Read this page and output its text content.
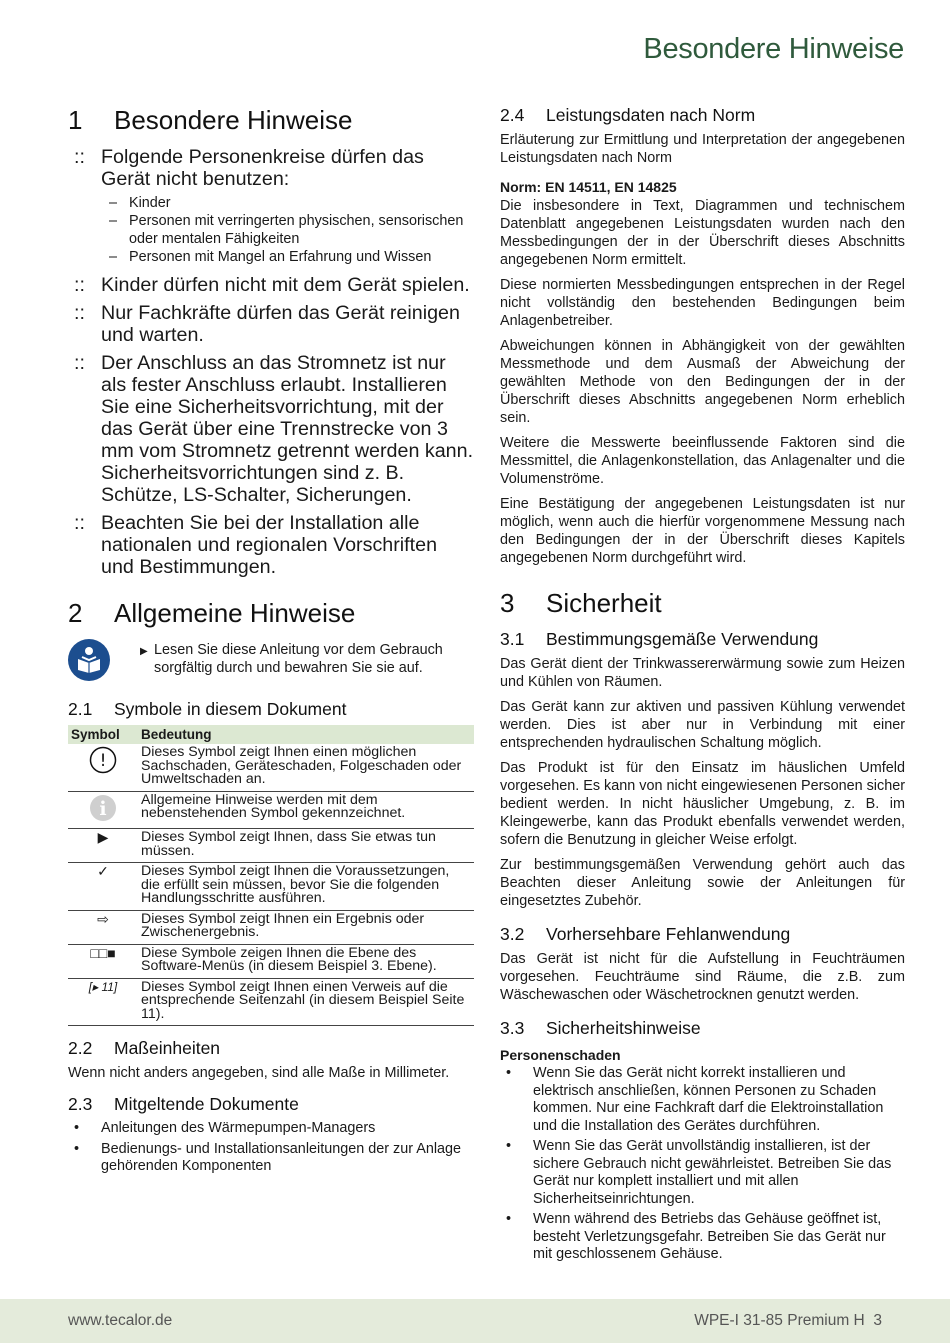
Besondere Hinweise
1	Besondere Hinweise
:: Folgende Personenkreise dürfen das Gerät nicht benutzen:
– Kinder
– Personen mit verringerten physischen, sensorischen oder mentalen Fähigkeiten
– Personen mit Mangel an Erfahrung und Wissen
:: Kinder dürfen nicht mit dem Gerät spielen.
:: Nur Fachkräfte dürfen das Gerät reinigen und warten.
:: Der Anschluss an das Stromnetz ist nur als fester Anschluss erlaubt. Installieren Sie eine Sicherheitsvorrichtung, mit der das Gerät über eine Trennstrecke von 3 mm vom Stromnetz getrennt werden kann. Sicherheitsvorrichtungen sind z. B. Schütze, LS-Schalter, Sicherungen.
:: Beachten Sie bei der Installation alle nationalen und regionalen Vorschriften und Bestimmungen.
2	Allgemeine Hinweise
▶ Lesen Sie diese Anleitung vor dem Gebrauch sorgfältig durch und bewahren Sie sie auf.
2.1	Symbole in diesem Dokument
Symbol	Bedeutung

!	Dieses Symbol zeigt Ihnen einen möglichen Sachschaden, Geräteschaden, Folgeschaden oder Umweltschaden an.

i	Allgemeine Hinweise werden mit dem nebenstehenden Symbol gekennzeichnet.
▶	Dieses Symbol zeigt Ihnen, dass Sie etwas tun müssen.
✓	Dieses Symbol zeigt Ihnen die Voraussetzungen, die erfüllt sein müssen, bevor Sie die folgenden Handlungsschritte ausführen.
⇨	Dieses Symbol zeigt Ihnen ein Ergebnis oder Zwischenergebnis.
□□■	Diese Symbole zeigen Ihnen die Ebene des Software-Menüs (in diesem Beispiel 3. Ebene).
[▸ 11]	Dieses Symbol zeigt Ihnen einen Verweis auf die entsprechende Seitenzahl (in diesem Beispiel Seite 11).
2.2	Maßeinheiten

Wenn nicht anders angegeben, sind alle Maße in Millimeter.

2.3	Mitgeltende Dokumente
•	Anleitungen des Wärmepumpen-Managers
•	Bedienungs- und Installationsanleitungen der zur Anlage gehörenden Komponenten
2.4	Leistungsdaten nach Norm

Erläuterung zur Ermittlung und Interpretation der angegebenen Leistungsdaten nach Norm

Norm: EN 14511, EN 14825

Die insbesondere in Text, Diagrammen und technischem Datenblatt angegebenen Leistungsdaten wurden nach den Messbedingungen der in der Überschrift dieses Abschnitts angegebenen Norm ermittelt.

Diese normierten Messbedingungen entsprechen in der Regel nicht vollständig den bestehenden Bedingungen beim Anlagenbetreiber.

Abweichungen können in Abhängigkeit von der gewählten Messmethode und dem Ausmaß der Abweichung der gewählten Methode von den Bedingungen der in der Überschrift dieses Abschnitts angegebenen Norm erheblich sein.

Weitere die Messwerte beeinflussende Faktoren sind die Messmittel, die Anlagenkonstellation, das Anlagenalter und die Volumenströme.

Eine Bestätigung der angegebenen Leistungsdaten ist nur möglich, wenn auch die hierfür vorgenommene Messung nach den Bedingungen der in der Überschrift dieses Kapitels angegebenen Norm durchgeführt wird.

3	Sicherheit
3.1	Bestimmungsgemäße Verwendung

Das Gerät dient der Trinkwassererwärmung sowie zum Heizen und Kühlen von Räumen.

Das Gerät kann zur aktiven und passiven Kühlung verwendet werden. Dies ist aber nur in Verbindung mit einer entsprechenden hydraulischen Schaltung möglich.

Das Produkt ist für den Einsatz im häuslichen Umfeld vorgesehen. Es kann von nicht eingewiesenen Personen sicher bedient werden. In nicht häuslicher Umgebung, z. B. im Kleingewerbe, kann das Produkt ebenfalls verwendet werden, sofern die Benutzung in gleicher Weise erfolgt.

Zur bestimmungsgemäßen Verwendung gehört auch das Beachten dieser Anleitung sowie der Anleitungen für eingesetztes Zubehör.

3.2	Vorhersehbare Fehlanwendung

Das Gerät ist nicht für die Aufstellung in Feuchträumen vorgesehen. Feuchträume sind Räume, die z.B. zum Wäschewaschen oder Wäschetrocknen genutzt werden.

3.3	Sicherheitshinweise

Personenschaden

•	Wenn Sie das Gerät nicht korrekt installieren und elektrisch anschließen, können Personen zu Schaden kommen. Nur eine Fachkraft darf die Elektroinstallation und die Installation des Gerätes durchführen.
•	Wenn Sie das Gerät unvollständig installieren, ist der sichere Gebrauch nicht gewährleistet. Betreiben Sie das Gerät nur komplett installiert und mit allen Sicherheitseinrichtungen.
•	Wenn während des Betriebs das Gehäuse geöffnet ist, besteht Verletzungsgefahr. Betreiben Sie das Gerät nur mit geschlossenem Gehäuse.
www.tecalor.de	WPE-I 31-85 Premium H 3
